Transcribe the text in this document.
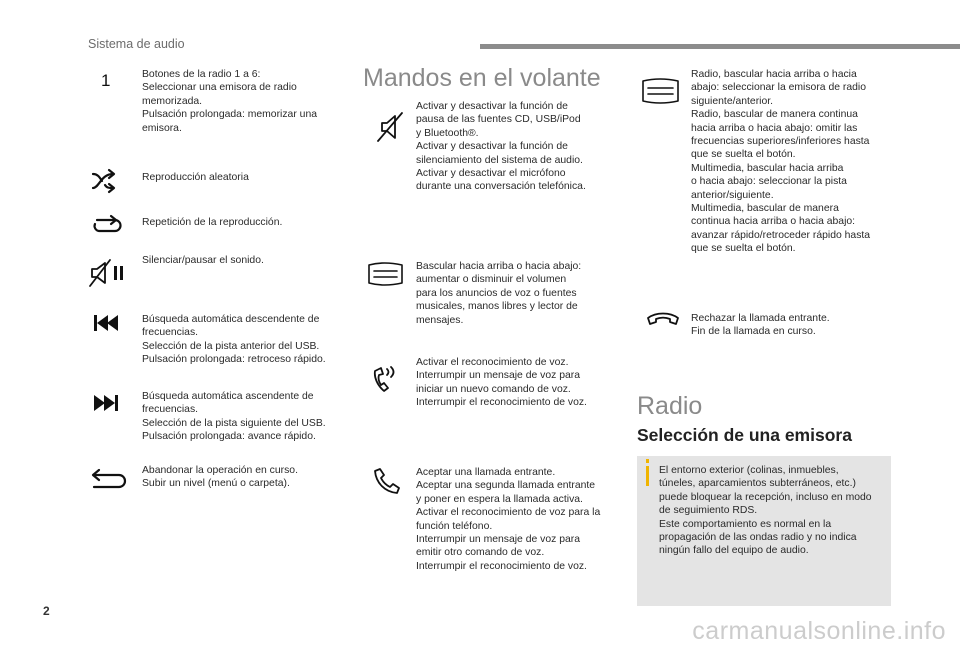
Sistema de audio
1	Botones de la radio 1 a 6:
Seleccionar una emisora de radio
memorizada.
Pulsación prolongada: memorizar una
emisora.
Reproducción aleatoria
Repetición de la reproducción.
Silenciar/pausar el sonido.
Búsqueda automática descendente de
frecuencias.
Selección de la pista anterior del USB.
Pulsación prolongada: retroceso rápido.
Búsqueda automática ascendente de
frecuencias.
Selección de la pista siguiente del USB.
Pulsación prolongada: avance rápido.
Abandonar la operación en curso.
Subir un nivel (menú o carpeta).
Mandos en el volante
Activar y desactivar la función de
pausa de las fuentes CD, USB/iPod
y Bluetooth®.
Activar y desactivar la función de
silenciamiento del sistema de audio.
Activar y desactivar el micrófono
durante una conversación telefónica.
Bascular hacia arriba o hacia abajo:
aumentar o disminuir el volumen
para los anuncios de voz o fuentes
musicales, manos libres y lector de
mensajes.
Activar el reconocimiento de voz.
Interrumpir un mensaje de voz para
iniciar un nuevo comando de voz.
Interrumpir el reconocimiento de voz.
Aceptar una llamada entrante.
Aceptar una segunda llamada entrante
y poner en espera la llamada activa.
Activar el reconocimiento de voz para la
función teléfono.
Interrumpir un mensaje de voz para
emitir otro comando de voz.
Interrumpir el reconocimiento de voz.
Radio, bascular hacia arriba o hacia
abajo: seleccionar la emisora de radio
siguiente/anterior.
Radio, bascular de manera continua
hacia arriba o hacia abajo: omitir las
frecuencias superiores/inferiores hasta
que se suelta el botón.
Multimedia, bascular hacia arriba
o hacia abajo: seleccionar la pista
anterior/siguiente.
Multimedia, bascular de manera
continua hacia arriba o hacia abajo:
avanzar rápido/retroceder rápido hasta
que se suelta el botón.
Rechazar la llamada entrante.
Fin de la llamada en curso.
Radio
Selección de una emisora
El entorno exterior (colinas, inmuebles,
túneles, aparcamientos subterráneos, etc.)
puede bloquear la recepción, incluso en modo
de seguimiento RDS.
Este comportamiento es normal en la
propagación de las ondas radio y no indica
ningún fallo del equipo de audio.
2
carmanualsonline.info
